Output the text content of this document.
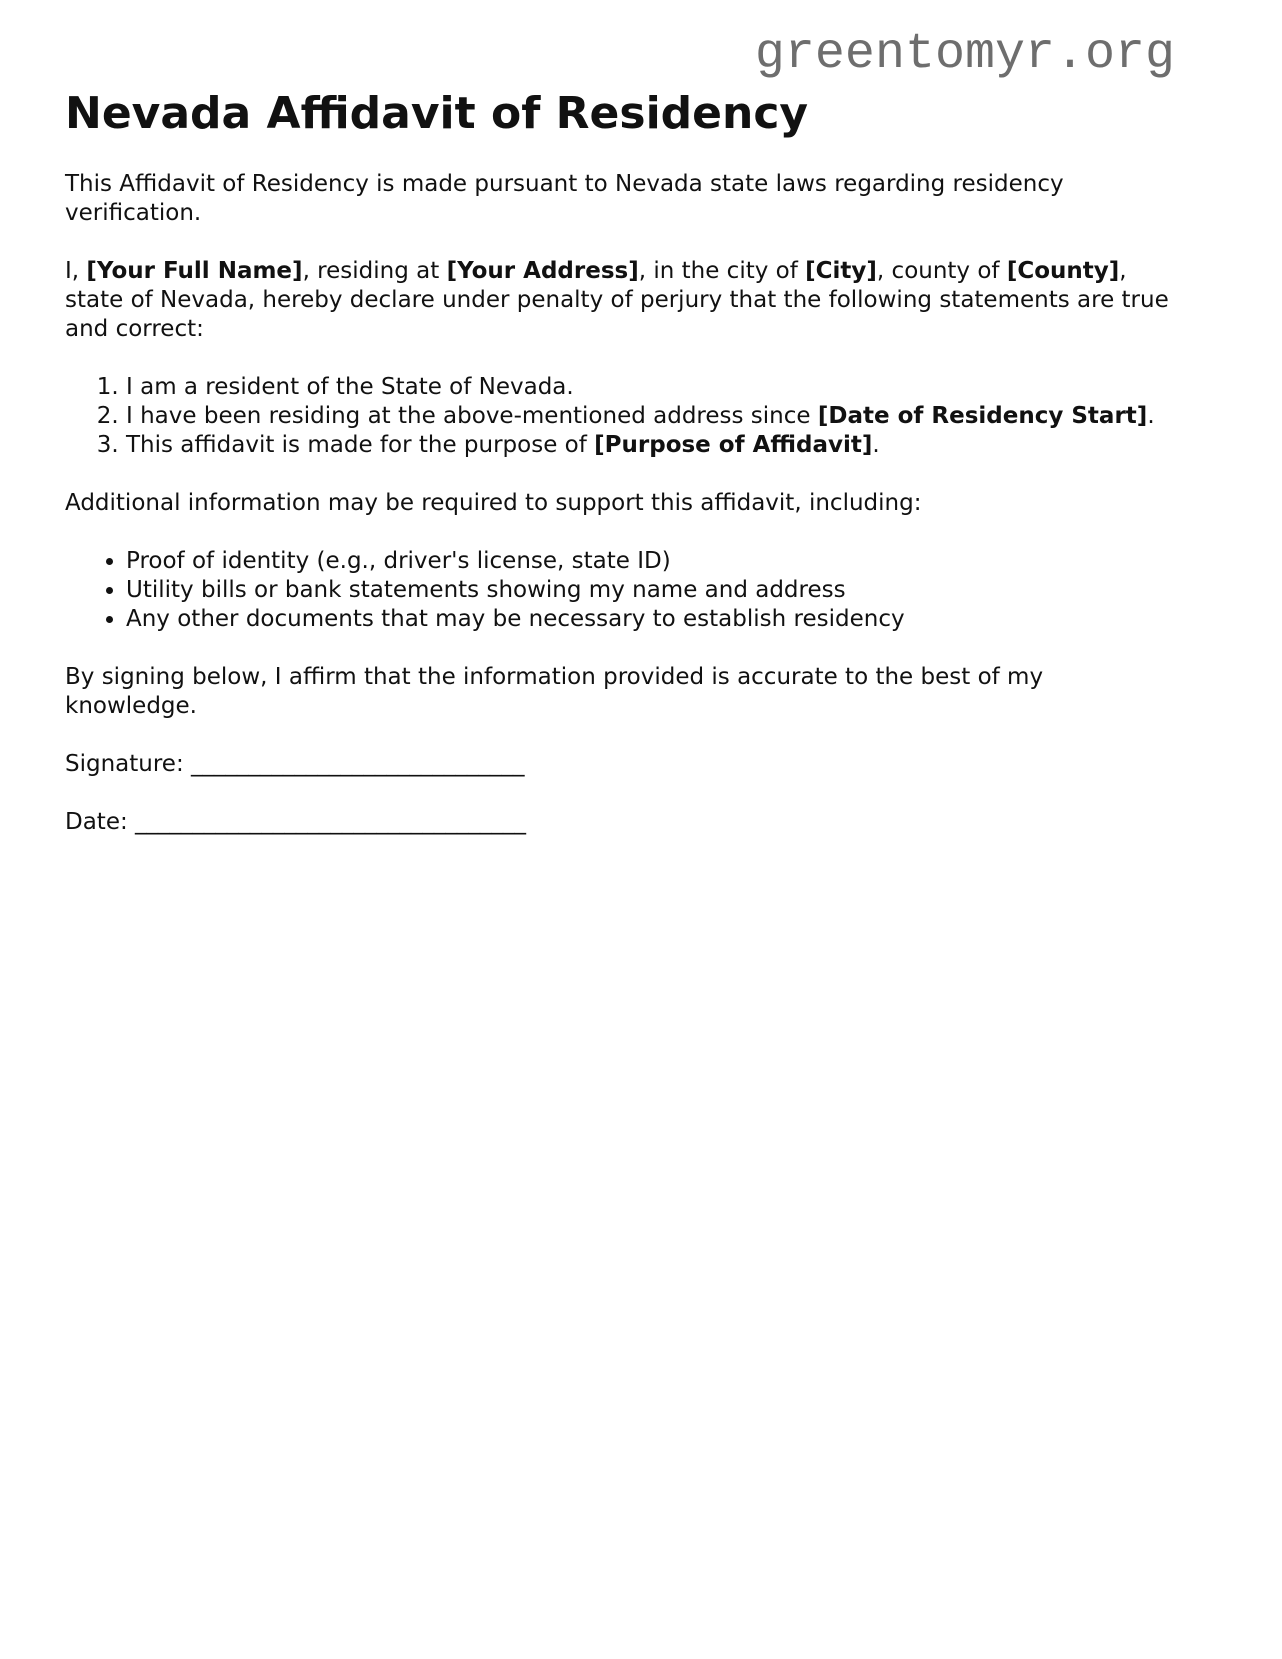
greentomyr.org
Nevada Affidavit of Residency

This Affidavit of Residency is made pursuant to Nevada state laws regarding residency verification.

I, [Your Full Name], residing at [Your Address], in the city of [City], county of [County], state of Nevada, hereby declare under penalty of perjury that the following statements are true and correct:

1. I am a resident of the State of Nevada.
2. I have been residing at the above-mentioned address since [Date of Residency Start].
3. This affidavit is made for the purpose of [Purpose of Affidavit].

Additional information may be required to support this affidavit, including:

• Proof of identity (e.g., driver's license, state ID)
• Utility bills or bank statements showing my name and address
• Any other documents that may be necessary to establish residency

By signing below, I affirm that the information provided is accurate to the best of my knowledge.

Signature: _____________________________

Date: __________________________________
